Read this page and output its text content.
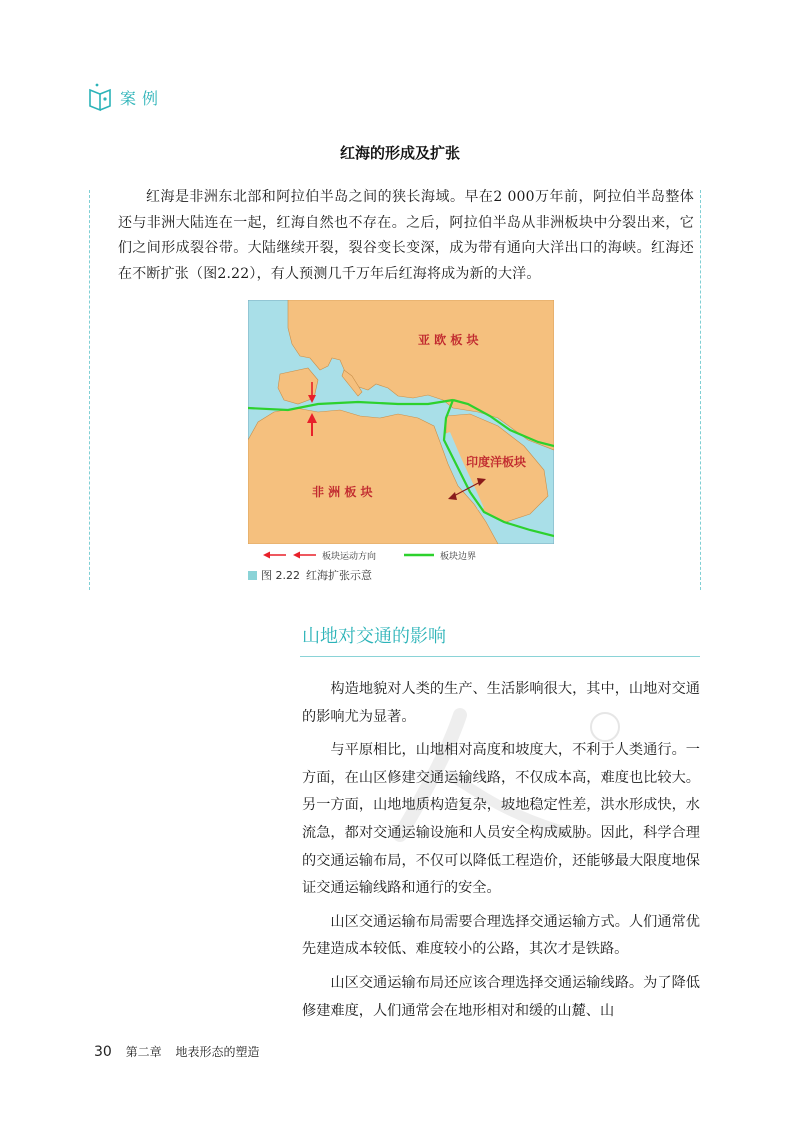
案例
红海的形成及扩张

红海是非洲东北部和阿拉伯半岛之间的狭长海域。早在2 000万年前，阿拉伯半岛整体还与非洲大陆连在一起，红海自然也不存在。之后，阿拉伯半岛从非洲板块中分裂出来，它们之间形成裂谷带。大陆继续开裂，裂谷变长变深，成为带有通向大洋出口的海峡。红海还在不断扩张（图2.22），有人预测几千万年后红海将成为新的大洋。

亚 欧 板 块
印度洋板块
非 洲 板 块
板块运动方向	板块边界
图 2.22 红海扩张示意
山地对交通的影响

构造地貌对人类的生产、生活影响很大，其中，山地对交通的影响尤为显著。

与平原相比，山地相对高度和坡度大，不利于人类通行。一方面，在山区修建交通运输线路，不仅成本高，难度也比较大。另一方面，山地地质构造复杂，坡地稳定性差，洪水形成快，水流急，都对交通运输设施和人员安全构成威胁。因此，科学合理的交通运输布局，不仅可以降低工程造价，还能够最大限度地保证交通运输线路和通行的安全。

山区交通运输布局需要合理选择交通运输方式。人们通常优先建造成本较低、难度较小的公路，其次才是铁路。

山区交通运输布局还应该合理选择交通运输线路。为了降低修建难度，人们通常会在地形相对和缓的山麓、山

30 第二章 地表形态的塑造
